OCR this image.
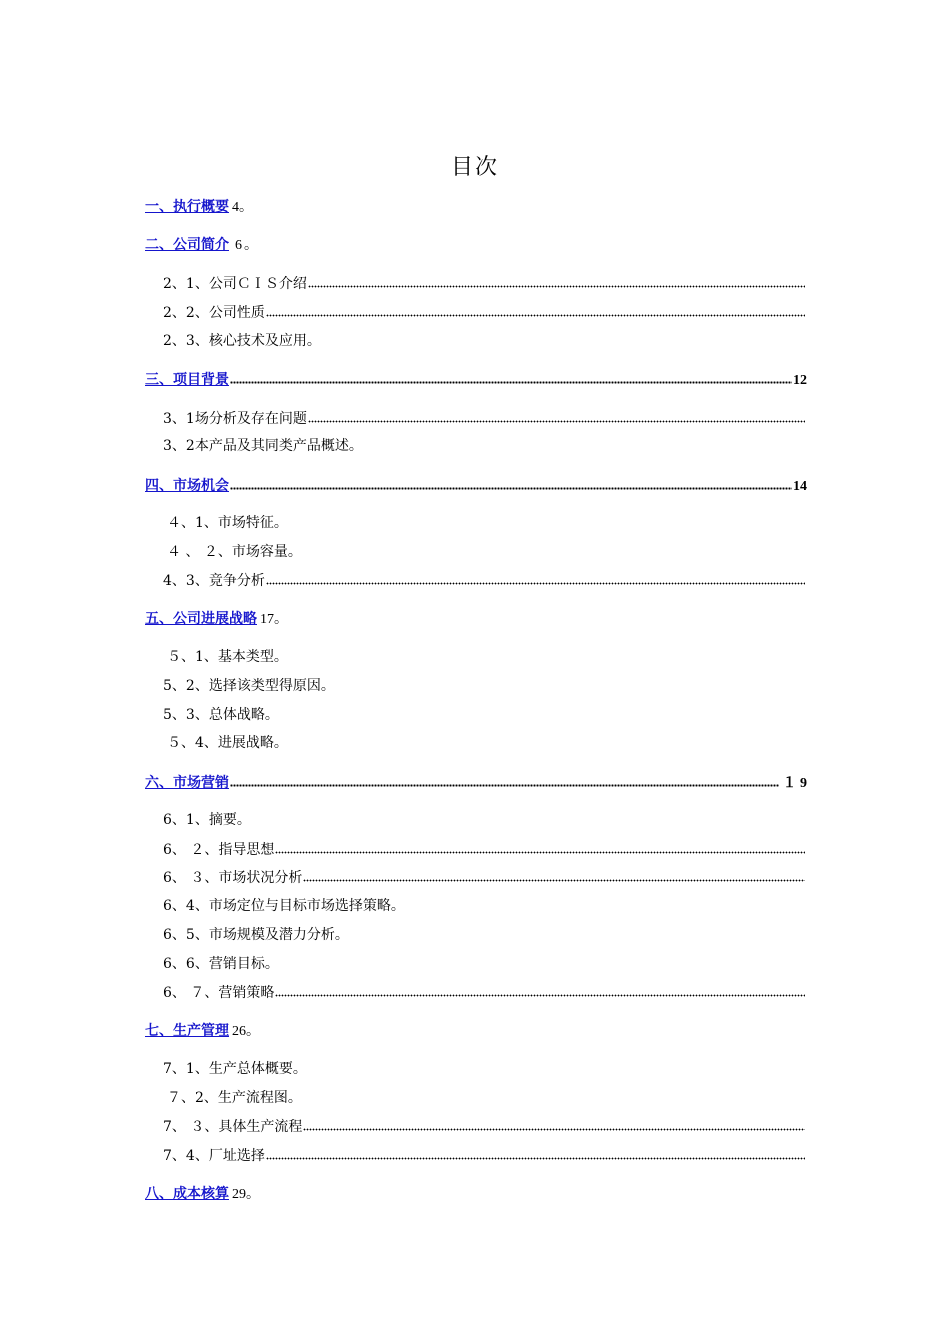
目次
一、执行概要 4 。
二、公司简介 6 。
2、1、公司ＣＩＳ介绍
2、2、公司性质
2、3、核心技术及应用 。
三、项目背景	12
3、1场分析及存在问题
3、2本产品及其同类产品概述 。
四、市场机会	14
４、1、市场特征 。
４ 、 ２、市场容量 。
4、3、竞争分析
五、公司进展战略 17 。
５、1、基本类型 。
5、2、选择该类型得原因 。
5、3、总体战略 。
５、4、进展战略 。
六、市场营销	１ 9
6、1、摘要 。
6、 ２、指导思想
6、 ３、市场状况分析
6、4、市场定位与目标市场选择策略 。
6、5、 市场规模及潜力分析 。
6、6、营销目标 。
6、 ７、 营销策略
七、生产管理 26 。
7、1、生产总体概要 。
７、2、生产流程图 。
7、 ３、具体生产流程
7、4、厂址选择
八、成本核算 29 。
